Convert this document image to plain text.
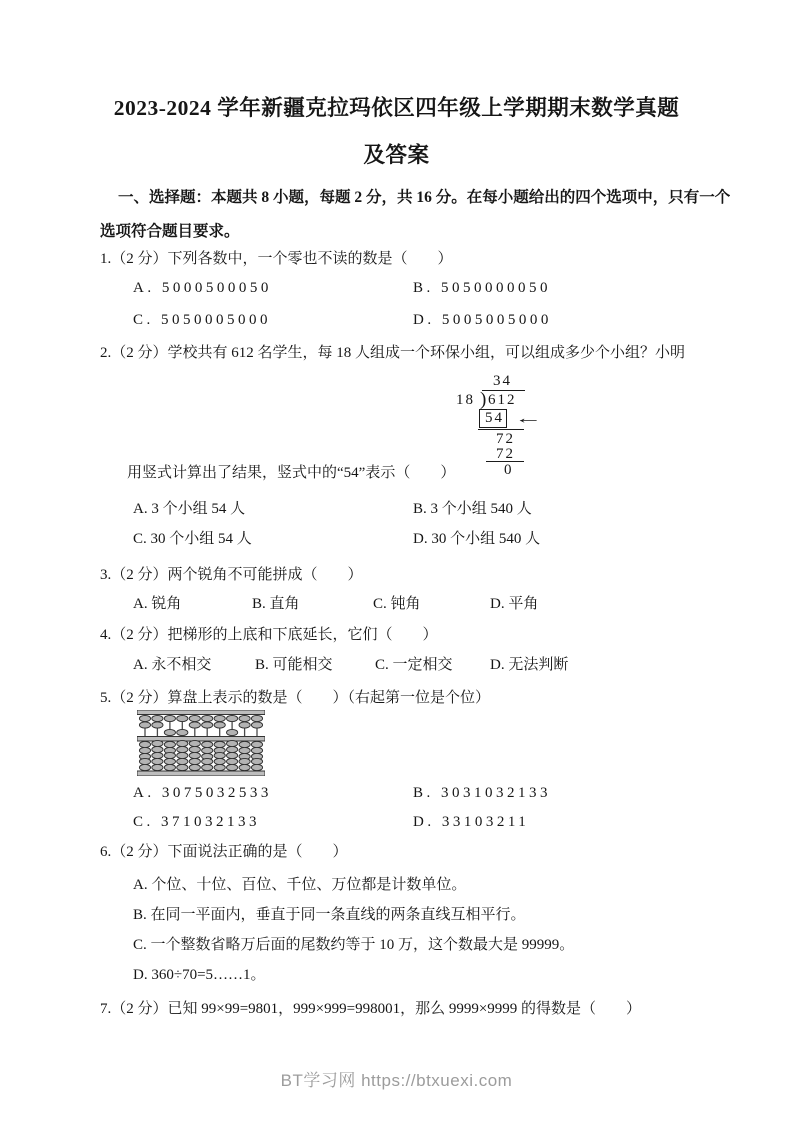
2023-2024 学年新疆克拉玛依区四年级上学期期末数学真题
及答案
一、选择题：本题共 8 小题，每题 2 分，共 16 分。在每小题给出的四个选项中，只有一个
选项符合题目要求。
1.（2 分）下列各数中，一个零也不读的数是（　　）
A. 5000500050	B. 5050000050
C. 5050005000	D. 5005005000
2.（2 分）学校共有 612 名学生，每 18 人组成一个环保小组，可以组成多少个小组？小明
34
18 ) 612
54 ←
72
72
0
用竖式计算出了结果，竖式中的“54”表示（　　）
A. 3 个小组 54 人	B. 3 个小组 540 人
C. 30 个小组 54 人	D. 30 个小组 540 人
3.（2 分）两个锐角不可能拼成（　　）
A. 锐角	B. 直角	C. 钝角	D. 平角
4.（2 分）把梯形的上底和下底延长，它们（　　）
A. 永不相交	B. 可能相交	C. 一定相交 D. 无法判断
5.（2 分）算盘上表示的数是（　　）（右起第一位是个位）
A. 3075032533	B. 3031032133
C. 371032133	D. 33103211
6.（2 分）下面说法正确的是（　　）
A. 个位、十位、百位、千位、万位都是计数单位。
B. 在同一平面内，垂直于同一条直线的两条直线互相平行。
C. 一个整数省略万后面的尾数约等于 10 万，这个数最大是 99999。
D. 360÷70=5……1。
7.（2 分）已知 99×99=9801，999×999=998001，那么 9999×9999 的得数是（　　）
BT学习网 https://btxuexi.com
